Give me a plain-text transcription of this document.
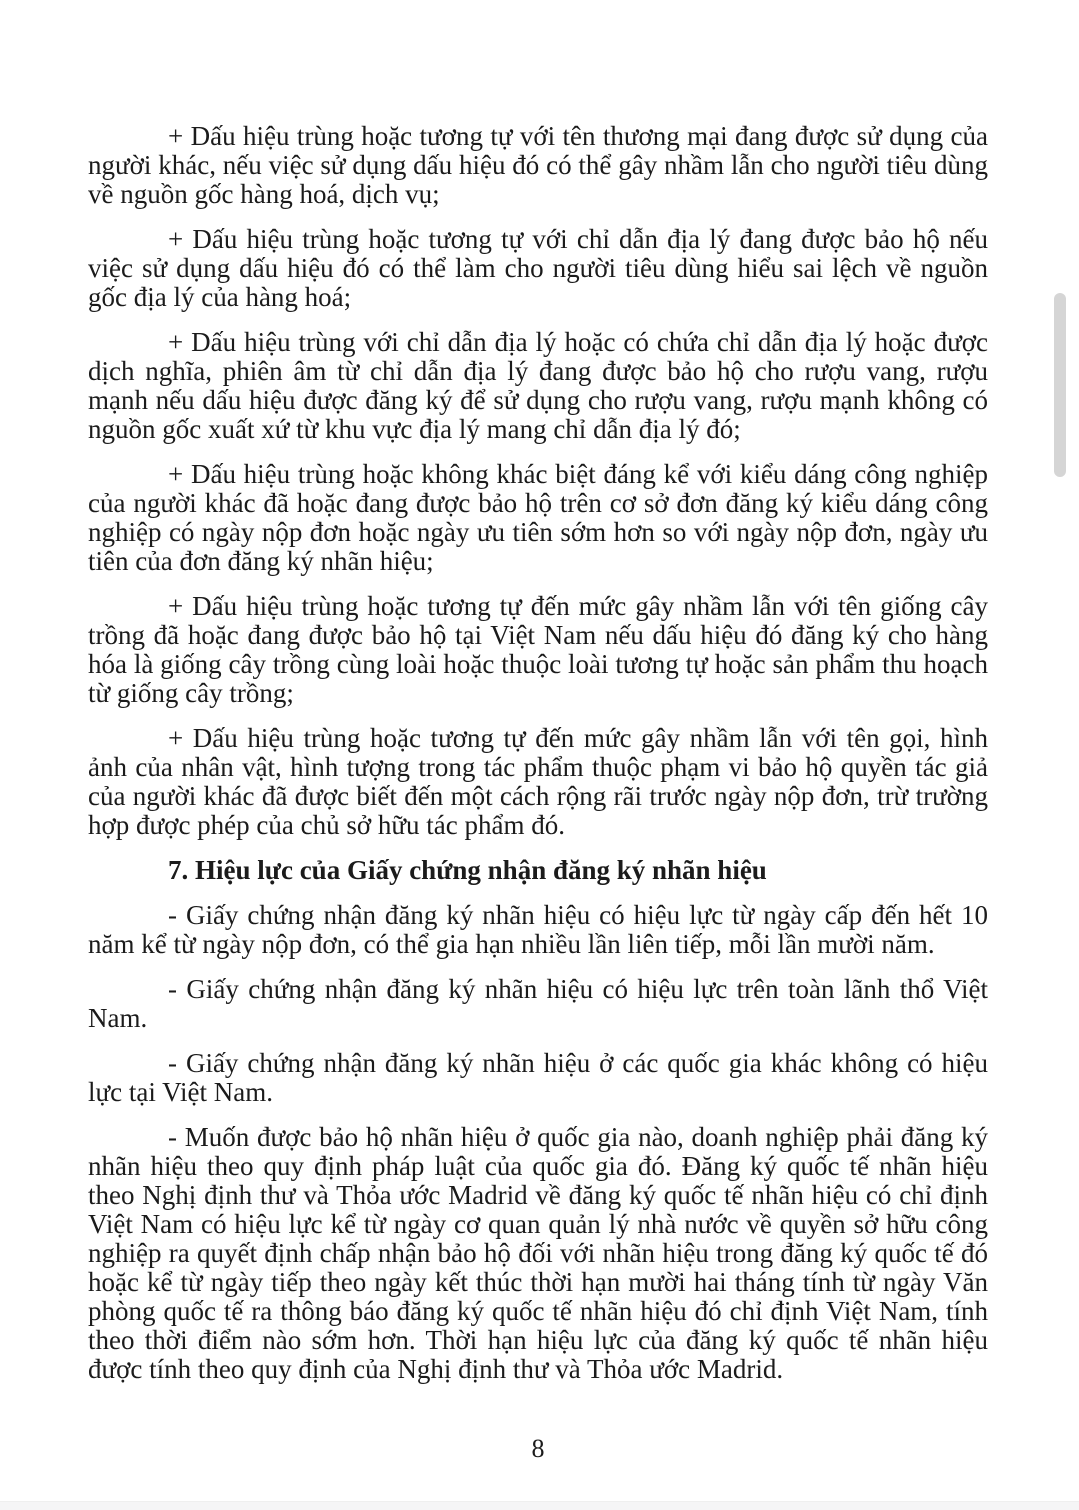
+ Dấu hiệu trùng hoặc tương tự với tên thương mại đang được sử dụng của người khác, nếu việc sử dụng dấu hiệu đó có thể gây nhầm lẫn cho người tiêu dùng về nguồn gốc hàng hoá, dịch vụ;

+ Dấu hiệu trùng hoặc tương tự với chỉ dẫn địa lý đang được bảo hộ nếu việc sử dụng dấu hiệu đó có thể làm cho người tiêu dùng hiểu sai lệch về nguồn gốc địa lý của hàng hoá;

+ Dấu hiệu trùng với chỉ dẫn địa lý hoặc có chứa chỉ dẫn địa lý hoặc được dịch nghĩa, phiên âm từ chỉ dẫn địa lý đang được bảo hộ cho rượu vang, rượu mạnh nếu dấu hiệu được đăng ký để sử dụng cho rượu vang, rượu mạnh không có nguồn gốc xuất xứ từ khu vực địa lý mang chỉ dẫn địa lý đó;

+ Dấu hiệu trùng hoặc không khác biệt đáng kể với kiểu dáng công nghiệp của người khác đã hoặc đang được bảo hộ trên cơ sở đơn đăng ký kiểu dáng công nghiệp có ngày nộp đơn hoặc ngày ưu tiên sớm hơn so với ngày nộp đơn, ngày ưu tiên của đơn đăng ký nhãn hiệu;

+ Dấu hiệu trùng hoặc tương tự đến mức gây nhầm lẫn với tên giống cây trồng đã hoặc đang được bảo hộ tại Việt Nam nếu dấu hiệu đó đăng ký cho hàng hóa là giống cây trồng cùng loài hoặc thuộc loài tương tự hoặc sản phẩm thu hoạch từ giống cây trồng;

+ Dấu hiệu trùng hoặc tương tự đến mức gây nhầm lẫn với tên gọi, hình ảnh của nhân vật, hình tượng trong tác phẩm thuộc phạm vi bảo hộ quyền tác giả của người khác đã được biết đến một cách rộng rãi trước ngày nộp đơn, trừ trường hợp được phép của chủ sở hữu tác phẩm đó.

7. Hiệu lực của Giấy chứng nhận đăng ký nhãn hiệu

- Giấy chứng nhận đăng ký nhãn hiệu có hiệu lực từ ngày cấp đến hết 10 năm kể từ ngày nộp đơn, có thể gia hạn nhiều lần liên tiếp, mỗi lần mười năm.

- Giấy chứng nhận đăng ký nhãn hiệu có hiệu lực trên toàn lãnh thổ Việt Nam.

- Giấy chứng nhận đăng ký nhãn hiệu ở các quốc gia khác không có hiệu lực tại Việt Nam.

- Muốn được bảo hộ nhãn hiệu ở quốc gia nào, doanh nghiệp phải đăng ký nhãn hiệu theo quy định pháp luật của quốc gia đó. Đăng ký quốc tế nhãn hiệu theo Nghị định thư và Thỏa ước Madrid về đăng ký quốc tế nhãn hiệu có chỉ định Việt Nam có hiệu lực kể từ ngày cơ quan quản lý nhà nước về quyền sở hữu công nghiệp ra quyết định chấp nhận bảo hộ đối với nhãn hiệu trong đăng ký quốc tế đó hoặc kể từ ngày tiếp theo ngày kết thúc thời hạn mười hai tháng tính từ ngày Văn phòng quốc tế ra thông báo đăng ký quốc tế nhãn hiệu đó chỉ định Việt Nam, tính theo thời điểm nào sớm hơn. Thời hạn hiệu lực của đăng ký quốc tế nhãn hiệu được tính theo quy định của Nghị định thư và Thỏa ước Madrid.

8
